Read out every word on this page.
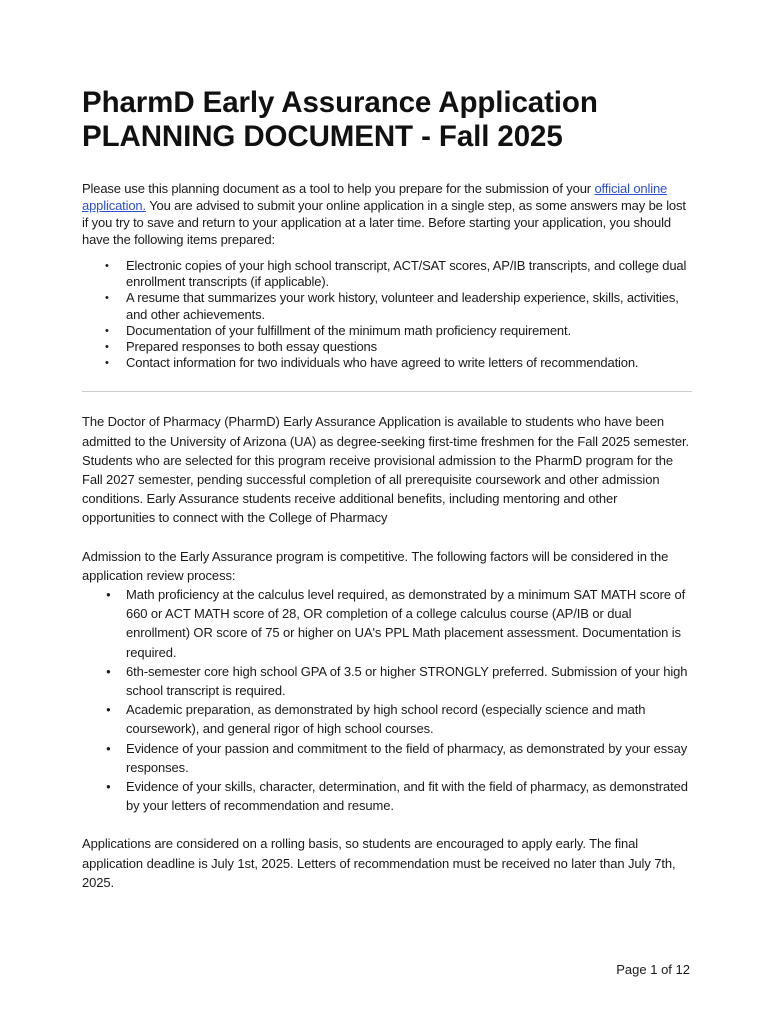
PharmD Early Assurance Application
PLANNING DOCUMENT - Fall 2025

Please use this planning document as a tool to help you prepare for the submission of your official online application. You are advised to submit your online application in a single step, as some answers may be lost if you try to save and return to your application at a later time. Before starting your application, you should have the following items prepared:

• Electronic copies of your high school transcript, ACT/SAT scores, AP/IB transcripts, and college dual enrollment transcripts (if applicable).
• A resume that summarizes your work history, volunteer and leadership experience, skills, activities, and other achievements.
• Documentation of your fulfillment of the minimum math proficiency requirement.
• Prepared responses to both essay questions
• Contact information for two individuals who have agreed to write letters of recommendation.

The Doctor of Pharmacy (PharmD) Early Assurance Application is available to students who have been admitted to the University of Arizona (UA) as degree-seeking first-time freshmen for the Fall 2025 semester. Students who are selected for this program receive provisional admission to the PharmD program for the Fall 2027 semester, pending successful completion of all prerequisite coursework and other admission conditions. Early Assurance students receive additional benefits, including mentoring and other opportunities to connect with the College of Pharmacy

Admission to the Early Assurance program is competitive. The following factors will be considered in the application review process:

● Math proficiency at the calculus level required, as demonstrated by a minimum SAT MATH score of 660 or ACT MATH score of 28, OR completion of a college calculus course (AP/IB or dual enrollment) OR score of 75 or higher on UA's PPL Math placement assessment. Documentation is required.
● 6th-semester core high school GPA of 3.5 or higher STRONGLY preferred. Submission of your high school transcript is required.
● Academic preparation, as demonstrated by high school record (especially science and math coursework), and general rigor of high school courses.
● Evidence of your passion and commitment to the field of pharmacy, as demonstrated by your essay responses.
● Evidence of your skills, character, determination, and fit with the field of pharmacy, as demonstrated by your letters of recommendation and resume.

Applications are considered on a rolling basis, so students are encouraged to apply early. The final application deadline is July 1st, 2025. Letters of recommendation must be received no later than July 7th, 2025.

Page 1 of 12
